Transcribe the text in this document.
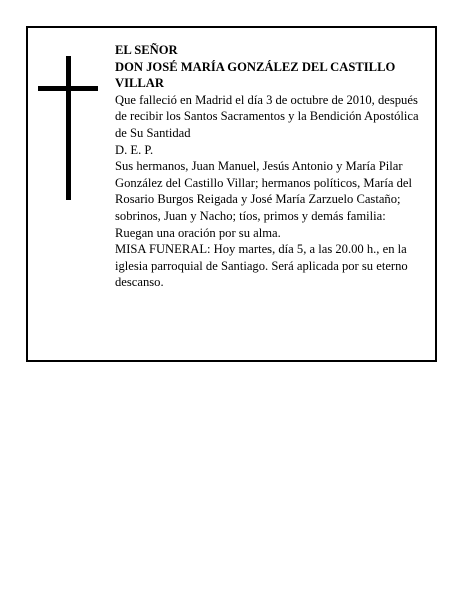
EL SEÑOR

DON JOSÉ MARÍA GONZÁLEZ DEL CASTILLO VILLAR

Que falleció en Madrid el día 3 de octubre de 2010, después de recibir los Santos Sacramentos y la Bendición Apostólica de Su Santidad

D. E. P.

Sus hermanos, Juan Manuel, Jesús Antonio y María Pilar González del Castillo Villar; hermanos políticos, María del Rosario Burgos Reigada y José María Zarzuelo Castaño; sobrinos, Juan y Nacho; tíos, primos y demás familia:

Ruegan una oración por su alma.

MISA FUNERAL: Hoy martes, día 5, a las 20.00 h., en la iglesia parroquial de Santiago. Será aplicada por su eterno descanso.
